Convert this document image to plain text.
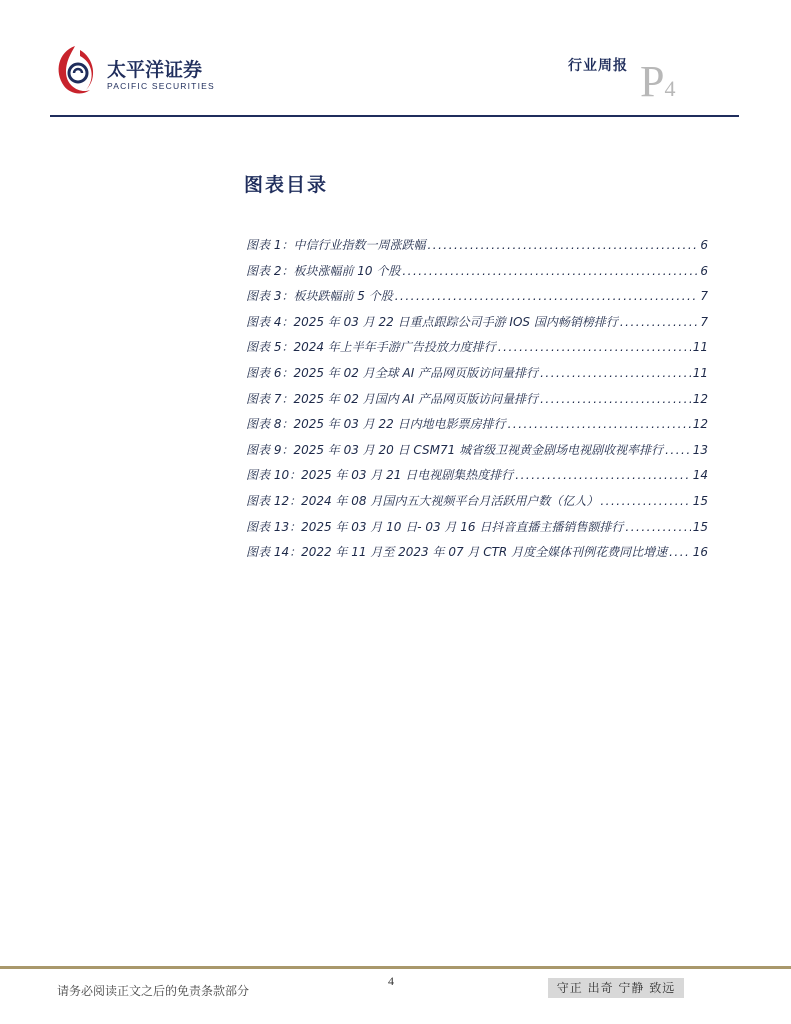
太平洋证券
PACIFIC SECURITIES
行业周报 P4
图表目录
图表 1：中信行业指数一周涨跌幅 .....	6
图表 2：板块涨幅前 10 个股 .....	6
图表 3：板块跌幅前 5 个股 .....	7
图表 4：2025 年 03 月 22 日重点跟踪公司手游 IOS 国内畅销榜排行 .....	7
图表 5：2024 年上半年手游广告投放力度排行 .....	11
图表 6：2025 年 02 月全球 AI 产品网页版访问量排行 .....	11
图表 7：2025 年 02 月国内 AI 产品网页版访问量排行 .....	12
图表 8：2025 年 03 月 22 日内地电影票房排行 .....	12
图表 9：2025 年 03 月 20 日 CSM71 城省级卫视黄金剧场电视剧收视率排行 ..... 13
图表 10：2025 年 03 月 21 日电视剧集热度排行 .....	14
图表 12：2024 年 08 月国内五大视频平台月活跃用户数（亿人） .....	15
图表 13：2025 年 03 月 10 日- 03 月 16 日抖音直播主播销售额排行 .....	15
图表 14：2022 年 11 月至 2023 年 07 月 CTR 月度全媒体刊例花费同比增速 ..... 16
请务必阅读正文之后的免责条款部分
4	守正 出奇 宁静 致远
